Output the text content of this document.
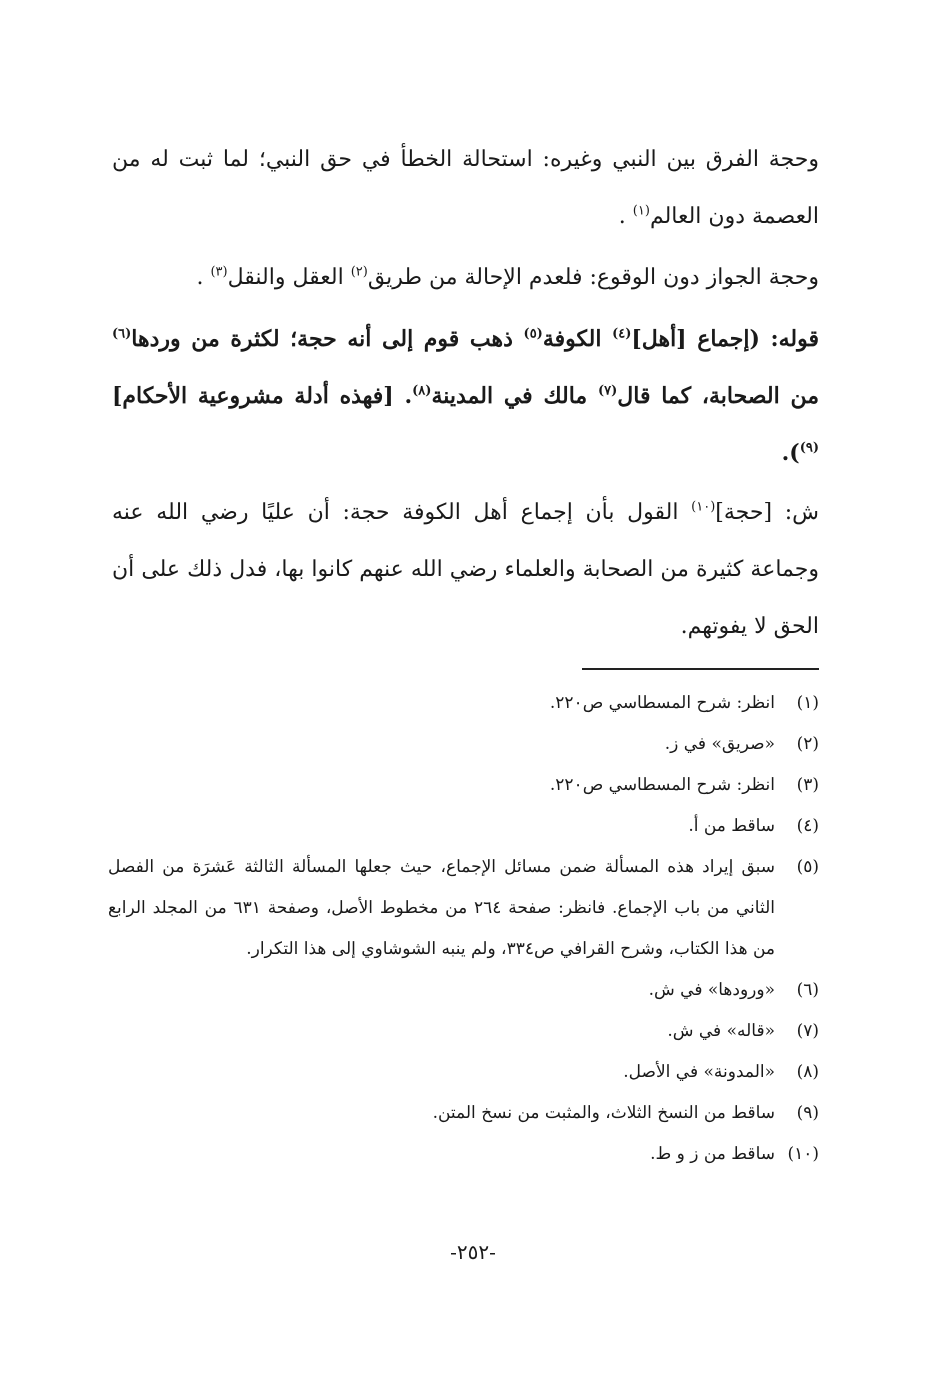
وحجة الفرق بين النبي وغيره: استحالة الخطأ في حق النبي؛ لما ثبت له من العصمة دون العالم$^{(١)}$ .

وحجة الجواز دون الوقوع: فلعدم الإحالة من طريق$^{(٢)}$ العقل والنقل$^{(٣)}$ .

قوله: (إجماع [أهل]$^{(٤)}$ الكوفة$^{(٥)}$ ذهب قوم إلى أنه حجة؛ لكثرة من وردها$^{(٦)}$ من الصحابة، كما قال$^{(٧)}$ مالك في المدينة$^{(٨)}$. [فهذه أدلة مشروعية الأحكام]$^{(٩)}$).

ش: [حجة]$^{(١٠)}$ القول بأن إجماع أهل الكوفة حجة: أن عليًا رضي الله عنه وجماعة كثيرة من الصحابة والعلماء رضي الله عنهم كانوا بها، فدل ذلك على أن الحق لا يفوتهم.

(١)
انظر: شرح المسطاسي ص٢٢٠.
(٢)
«صريق» في ز.
(٣)
انظر: شرح المسطاسي ص٢٢٠.
(٤)
ساقط من أ.
(٥)
سبق إيراد هذه المسألة ضمن مسائل الإجماع، حيث جعلها المسألة الثالثة عَشرَة من الفصل الثاني من باب الإجماع. فانظر: صفحة ٢٦٤ من مخطوط الأصل، وصفحة ٦٣١ من المجلد الرابع من هذا الكتاب، وشرح القرافي ص٣٣٤، ولم ينبه الشوشاوي إلى هذا التكرار.
(٦)
«ورودها» في ش.
(٧)
«قاله» في ش.
(٨)
«المدونة» في الأصل.
(٩)
ساقط من النسخ الثلاث، والمثبت من نسخ المتن.
(١٠)
ساقط من ز و ط.
-٢٥٢-
